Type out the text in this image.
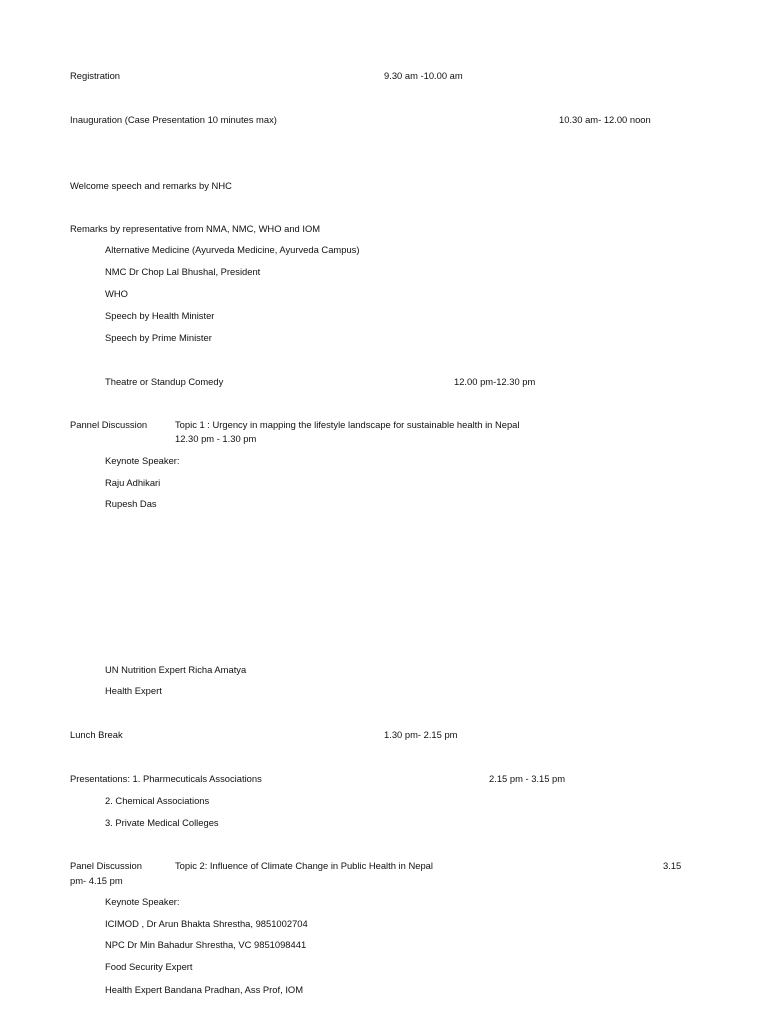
Registration	9.30 am -10.00 am
Inauguration (Case Presentation 10 minutes max)	10.30 am- 12.00 noon
Welcome speech and remarks by NHC
Remarks by representative from NMA, NMC, WHO and IOM
Alternative Medicine (Ayurveda Medicine, Ayurveda Campus)
NMC Dr Chop Lal Bhushal, President
WHO
Speech by Health Minister
Speech by Prime Minister
Theatre or Standup Comedy	12.00 pm-12.30 pm
Pannel Discussion	Topic 1 : Urgency in mapping the lifestyle landscape for sustainable health in Nepal
12.30 pm - 1.30 pm
Keynote Speaker:
Raju Adhikari
Rupesh Das
UN Nutrition Expert Richa Amatya
Health Expert
Lunch Break	1.30 pm- 2.15 pm
Presentations: 1. Pharmecuticals Associations	2.15 pm - 3.15 pm
2. Chemical Associations
3. Private Medical Colleges
Panel Discussion	Topic 2: Influence of Climate Change in Public Health in Nepal	3.15
pm- 4.15 pm
Keynote Speaker:
ICIMOD , Dr Arun Bhakta Shrestha, 9851002704
NPC Dr Min Bahadur Shrestha, VC 9851098441
Food Security Expert
Health Expert Bandana Pradhan, Ass Prof, IOM
